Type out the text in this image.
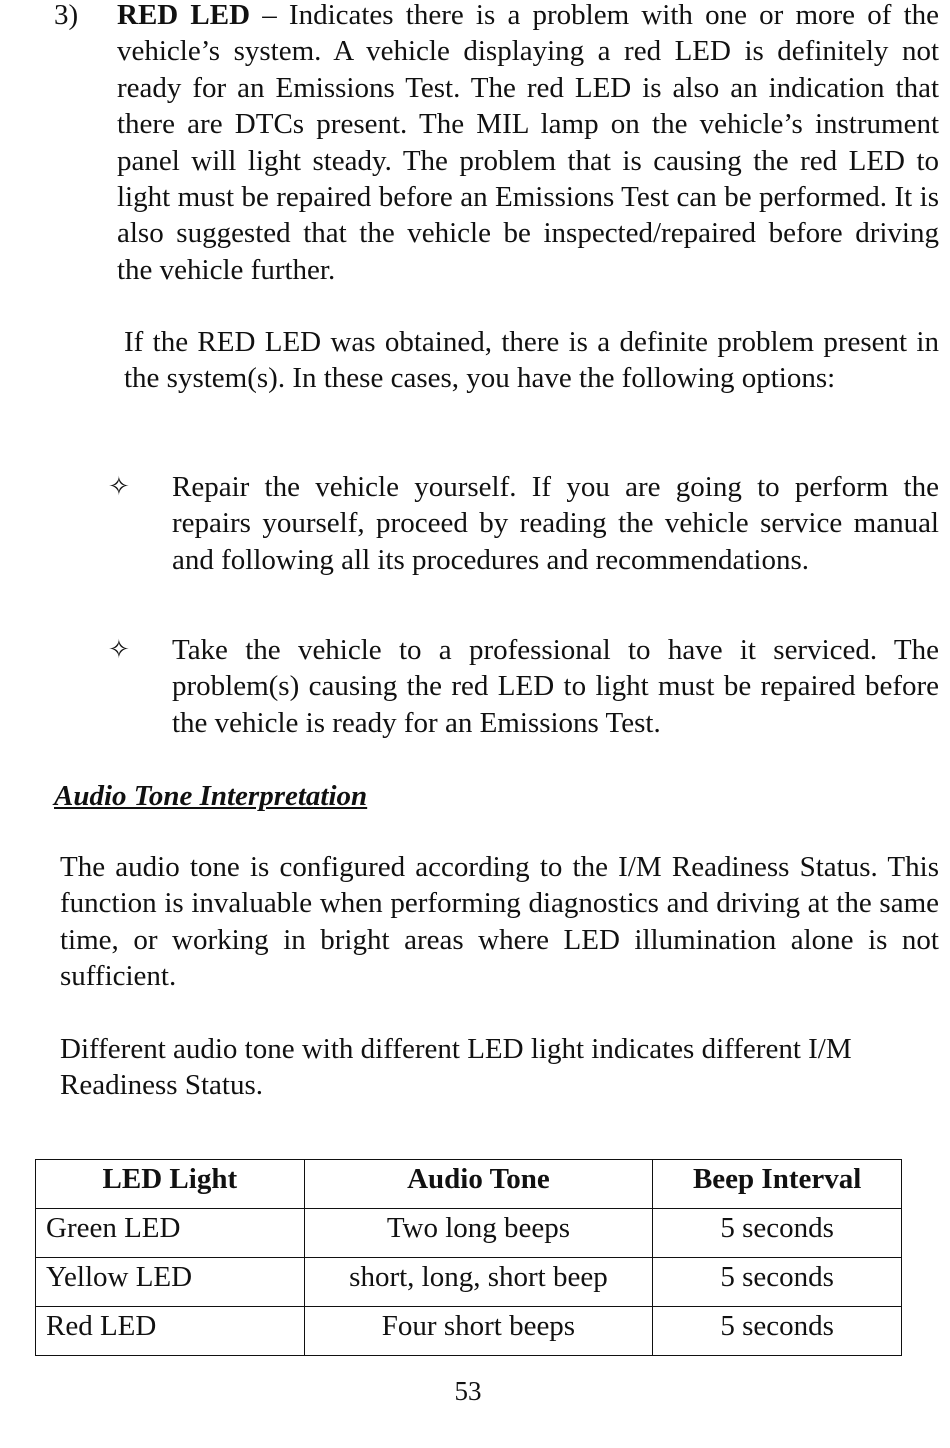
3) RED LED – Indicates there is a problem with one or more of the vehicle’s system. A vehicle displaying a red LED is definitely not ready for an Emissions Test. The red LED is also an indication that there are DTCs present. The MIL lamp on the vehicle’s instrument panel will light steady. The problem that is causing the red LED to light must be repaired before an Emissions Test can be performed. It is also suggested that the vehicle be inspected/repaired before driving the vehicle further.
If the RED LED was obtained, there is a definite problem present in the system(s). In these cases, you have the following options:
✧ Repair the vehicle yourself. If you are going to perform the repairs yourself, proceed by reading the vehicle service manual and following all its procedures and recommendations.
✧ Take the vehicle to a professional to have it serviced. The problem(s) causing the red LED to light must be repaired before the vehicle is ready for an Emissions Test.
Audio Tone Interpretation
The audio tone is configured according to the I/M Readiness Status. This function is invaluable when performing diagnostics and driving at the same time, or working in bright areas where LED illumination alone is not sufficient.
Different audio tone with different LED light indicates different I/M Readiness Status.
LED Light	Audio Tone	Beep Interval
Green LED	Two long beeps	5 seconds
Yellow LED	short, long, short beep	5 seconds
Red LED	Four short beeps	5 seconds
53
